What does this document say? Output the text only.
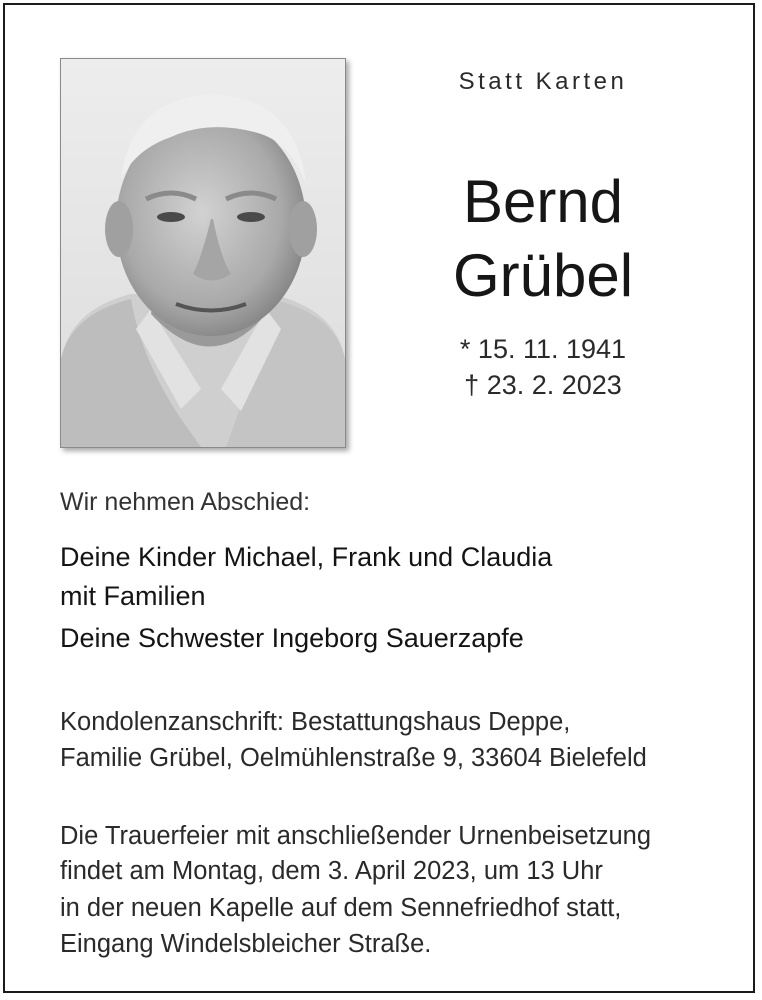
Statt Karten
Bernd
Grübel
* 15. 11. 1941
† 23. 2. 2023
Wir nehmen Abschied:
Deine Kinder Michael, Frank und Claudia
mit Familien
Deine Schwester Ingeborg Sauerzapfe
Kondolenzanschrift: Bestattungshaus Deppe,
Familie Grübel, Oelmühlenstraße 9, 33604 Bielefeld
Die Trauerfeier mit anschließender Urnenbeisetzung
findet am Montag, dem 3. April 2023, um 13 Uhr
in der neuen Kapelle auf dem Sennefriedhof statt,
Eingang Windelsbleicher Straße.
